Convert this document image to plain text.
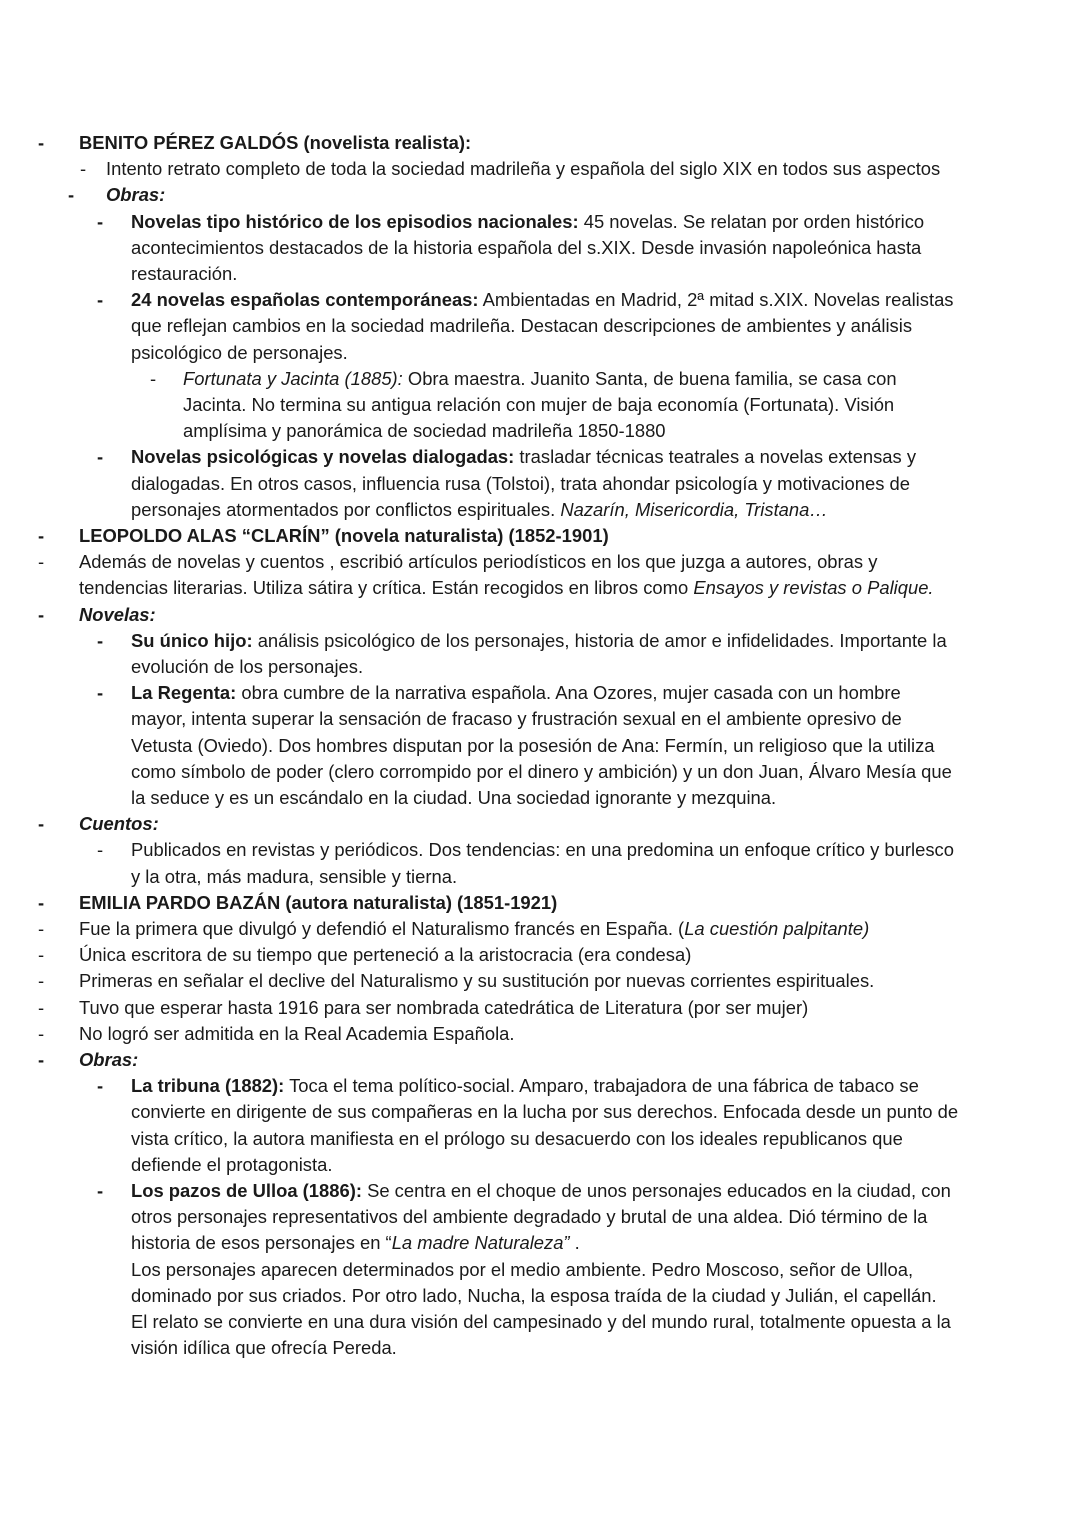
- BENITO PÉREZ GALDÓS (novelista realista):
- Intento retrato completo de toda la sociedad madrileña y española del siglo XIX en todos sus aspectos
- Obras:
- Novelas tipo histórico de los episodios nacionales: 45 novelas. Se relatan por orden histórico
acontecimientos destacados de la historia española del s.XIX. Desde invasión napoleónica hasta
restauración.
- 24 novelas españolas contemporáneas: Ambientadas en Madrid, 2ª mitad s.XIX. Novelas realistas
que reflejan cambios en la sociedad madrileña. Destacan descripciones de ambientes y análisis
psicológico de personajes.
- Fortunata y Jacinta (1885): Obra maestra. Juanito Santa, de buena familia, se casa con
Jacinta. No termina su antigua relación con mujer de baja economía (Fortunata). Visión
amplísima y panorámica de sociedad madrileña 1850-1880
- Novelas psicológicas y novelas dialogadas: trasladar técnicas teatrales a novelas extensas y
dialogadas. En otros casos, influencia rusa (Tolstoi), trata ahondar psicología y motivaciones de
personajes atormentados por conflictos espirituales. Nazarín, Misericordia, Tristana…
- LEOPOLDO ALAS “CLARÍN” (novela naturalista) (1852-1901)
- Además de novelas y cuentos , escribió artículos periodísticos en los que juzga a autores, obras y
tendencias literarias. Utiliza sátira y crítica. Están recogidos en libros como Ensayos y revistas o Palique.
- Novelas:
- Su único hijo: análisis psicológico de los personajes, historia de amor e infidelidades. Importante la
evolución de los personajes.
- La Regenta: obra cumbre de la narrativa española. Ana Ozores, mujer casada con un hombre
mayor, intenta superar la sensación de fracaso y frustración sexual en el ambiente opresivo de
Vetusta (Oviedo). Dos hombres disputan por la posesión de Ana: Fermín, un religioso que la utiliza
como símbolo de poder (clero corrompido por el dinero y ambición) y un don Juan, Álvaro Mesía que
la seduce y es un escándalo en la ciudad. Una sociedad ignorante y mezquina.
- Cuentos:
- Publicados en revistas y periódicos. Dos tendencias: en una predomina un enfoque crítico y burlesco
y la otra, más madura, sensible y tierna.
- EMILIA PARDO BAZÁN (autora naturalista) (1851-1921)
- Fue la primera que divulgó y defendió el Naturalismo francés en España. (La cuestión palpitante)
- Única escritora de su tiempo que perteneció a la aristocracia (era condesa)
- Primeras en señalar el declive del Naturalismo y su sustitución por nuevas corrientes espirituales.
- Tuvo que esperar hasta 1916 para ser nombrada catedrática de Literatura (por ser mujer)
- No logró ser admitida en la Real Academia Española.
- Obras:
- La tribuna (1882): Toca el tema político-social. Amparo, trabajadora de una fábrica de tabaco se
convierte en dirigente de sus compañeras en la lucha por sus derechos. Enfocada desde un punto de
vista crítico, la autora manifiesta en el prólogo su desacuerdo con los ideales republicanos que
defiende el protagonista.
- Los pazos de Ulloa (1886): Se centra en el choque de unos personajes educados en la ciudad, con
otros personajes representativos del ambiente degradado y brutal de una aldea. Dió término de la
historia de esos personajes en “La madre Naturaleza” .
Los personajes aparecen determinados por el medio ambiente. Pedro Moscoso, señor de Ulloa,
dominado por sus criados. Por otro lado, Nucha, la esposa traída de la ciudad y Julián, el capellán.
El relato se convierte en una dura visión del campesinado y del mundo rural, totalmente opuesta a la
visión idílica que ofrecía Pereda.
